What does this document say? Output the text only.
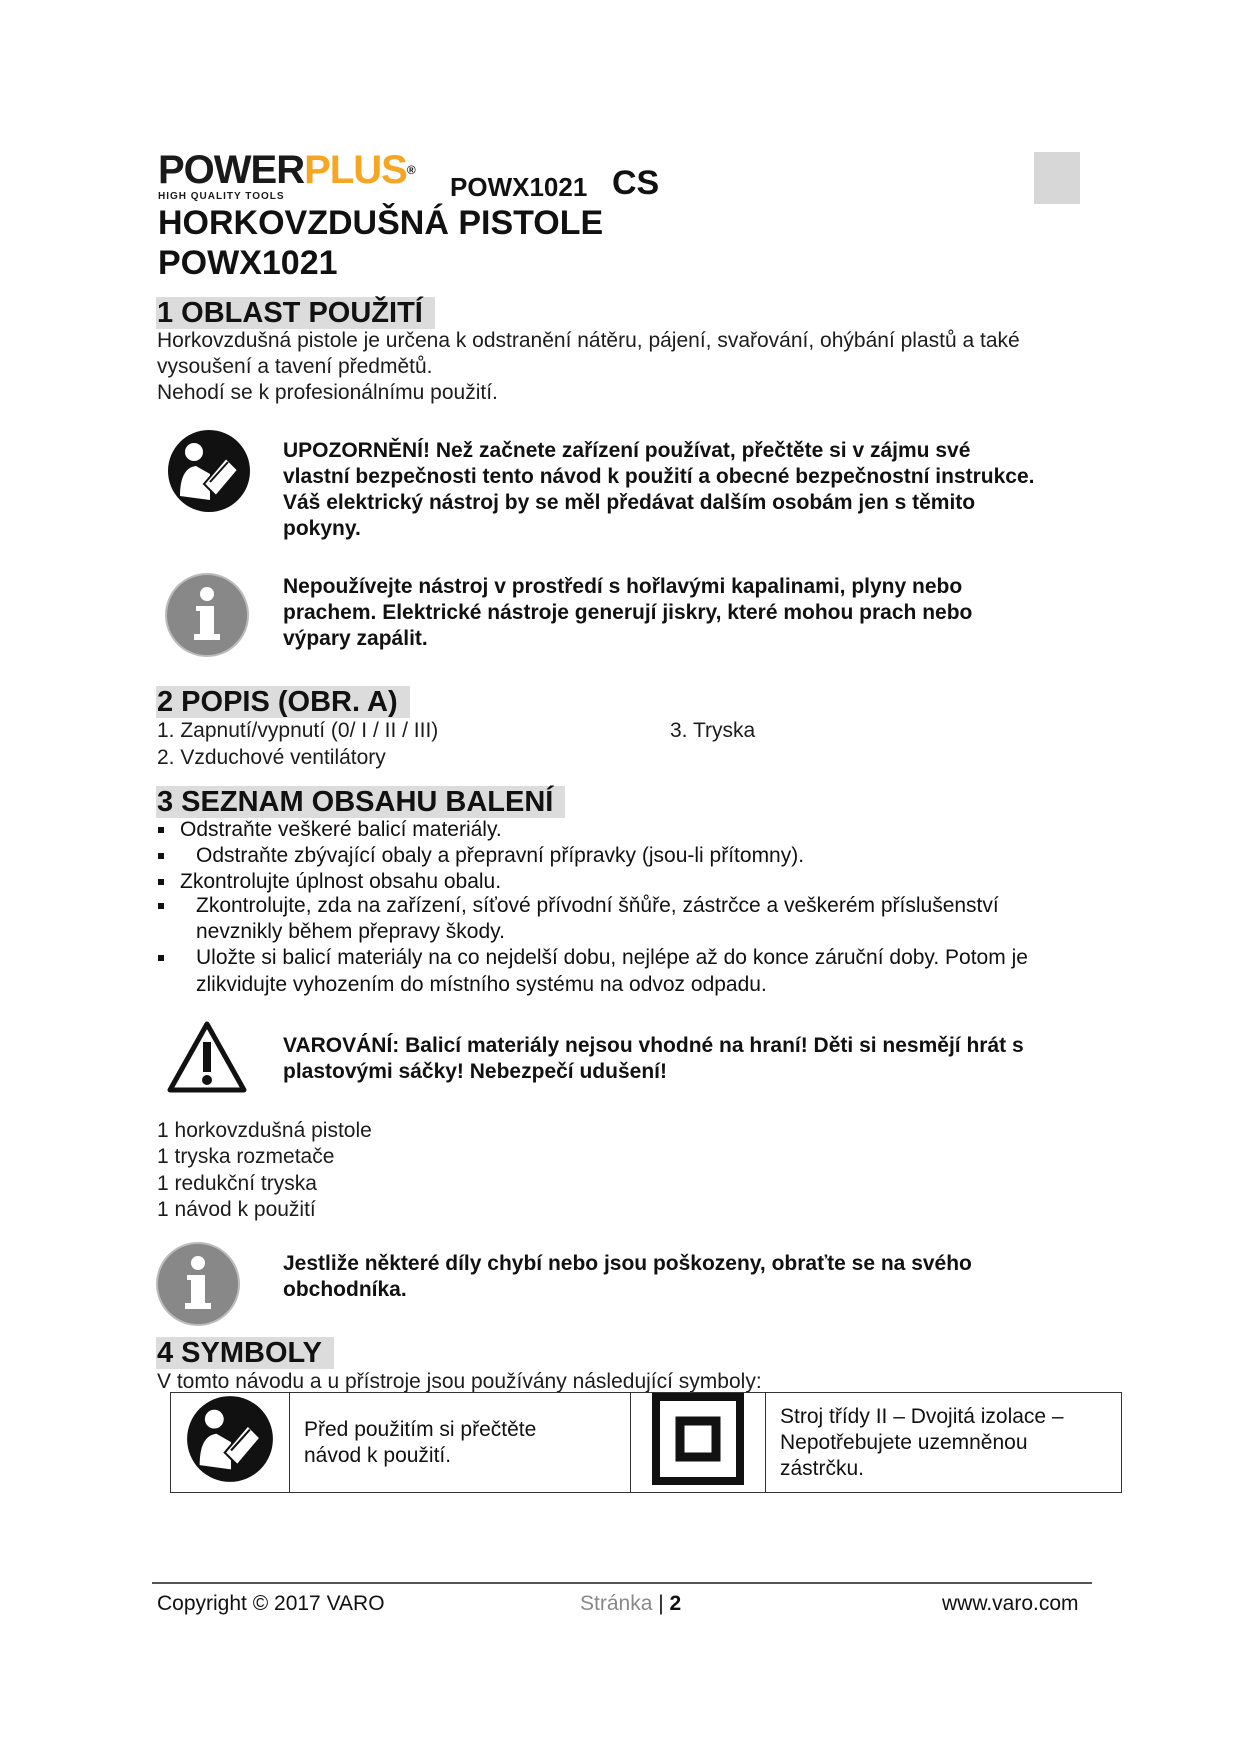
POWERPLUS®
HIGH QUALITY TOOLS	POWX1021 CS
HORKOVZDUŠNÁ PISTOLE
POWX1021
1 OBLAST POUŽITÍ
Horkovzdušná pistole je určena k odstranění nátěru, pájení, svařování, ohýbání plastů a také
vysoušení a tavení předmětů.
Nehodí se k profesionálnímu použití.
UPOZORNĚNÍ! Než začnete zařízení používat, přečtěte si v zájmu své
vlastní bezpečnosti tento návod k použití a obecné bezpečnostní instrukce.
Váš elektrický nástroj by se měl předávat dalším osobám jen s těmito
pokyny.
Nepoužívejte nástroj v prostředí s hořlavými kapalinami, plyny nebo
prachem. Elektrické nástroje generují jiskry, které mohou prach nebo
výpary zapálit.
2 POPIS (OBR. A)
1. Zapnutí/vypnutí (0/ I / II / III)
2. Vzduchové ventilátory
3. Tryska
3 SEZNAM OBSAHU BALENÍ
Odstraňte veškeré balicí materiály.
Odstraňte zbývající obaly a přepravní přípravky (jsou-li přítomny).
Zkontrolujte úplnost obsahu obalu.
Zkontrolujte, zda na zařízení, síťové přívodní šňůře, zástrčce a veškerém příslušenství
nevznikly během přepravy škody.
Uložte si balicí materiály na co nejdelší dobu, nejlépe až do konce záruční doby. Potom je
zlikvidujte vyhozením do místního systému na odvoz odpadu.
VAROVÁNÍ: Balicí materiály nejsou vhodné na hraní! Děti si nesmějí hrát s
plastovými sáčky! Nebezpečí udušení!
1 horkovzdušná pistole
1 tryska rozmetače
1 redukční tryska
1 návod k použití
Jestliže některé díly chybí nebo jsou poškozeny, obraťte se na svého
obchodníka.
4 SYMBOLY
V tomto návodu a u přístroje jsou používány následující symboly:

Před použitím si přečtěte
návod k použití.

Stroj třídy II – Dvojitá izolace –
Nepotřebujete uzemněnou
zástrčku.
Copyright © 2017 VARO	Stránka | 2	www.varo.com
